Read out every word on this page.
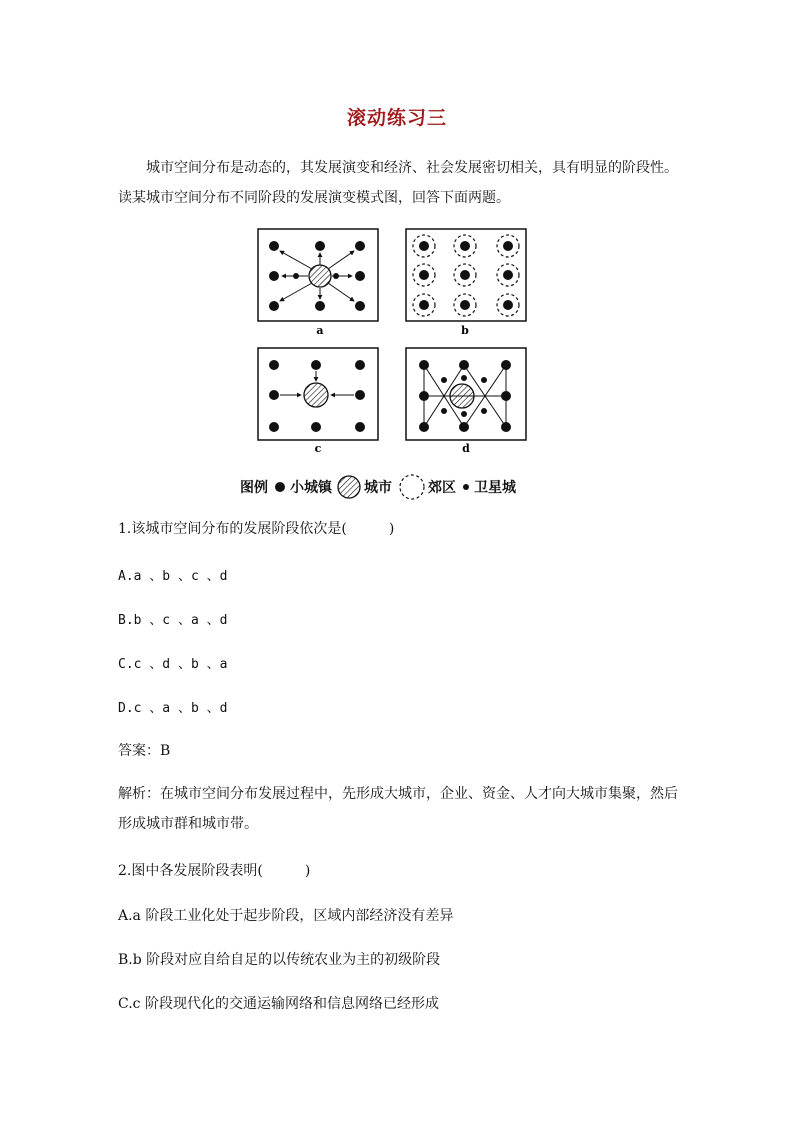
滚动练习三
城市空间分布是动态的，其发展演变和经济、社会发展密切相关，具有明显的阶段性。
读某城市空间分布不同阶段的发展演变模式图，回答下面两题。
a	b
c	d
图例 小城镇 城市	郊区 卫星城
1.该城市空间分布的发展阶段依次是(　　　)
A.a 、b 、c 、d
B.b 、c 、a 、d
C.c 、d 、b 、a
D.c 、a 、b 、d
答案：B
解析：在城市空间分布发展过程中，先形成大城市，企业、资金、人才向大城市集聚，然后形成城市群和城市带。
2.图中各发展阶段表明(　　　)
A.a 阶段工业化处于起步阶段，区域内部经济没有差异
B.b 阶段对应自给自足的以传统农业为主的初级阶段
C.c 阶段现代化的交通运输网络和信息网络已经形成
